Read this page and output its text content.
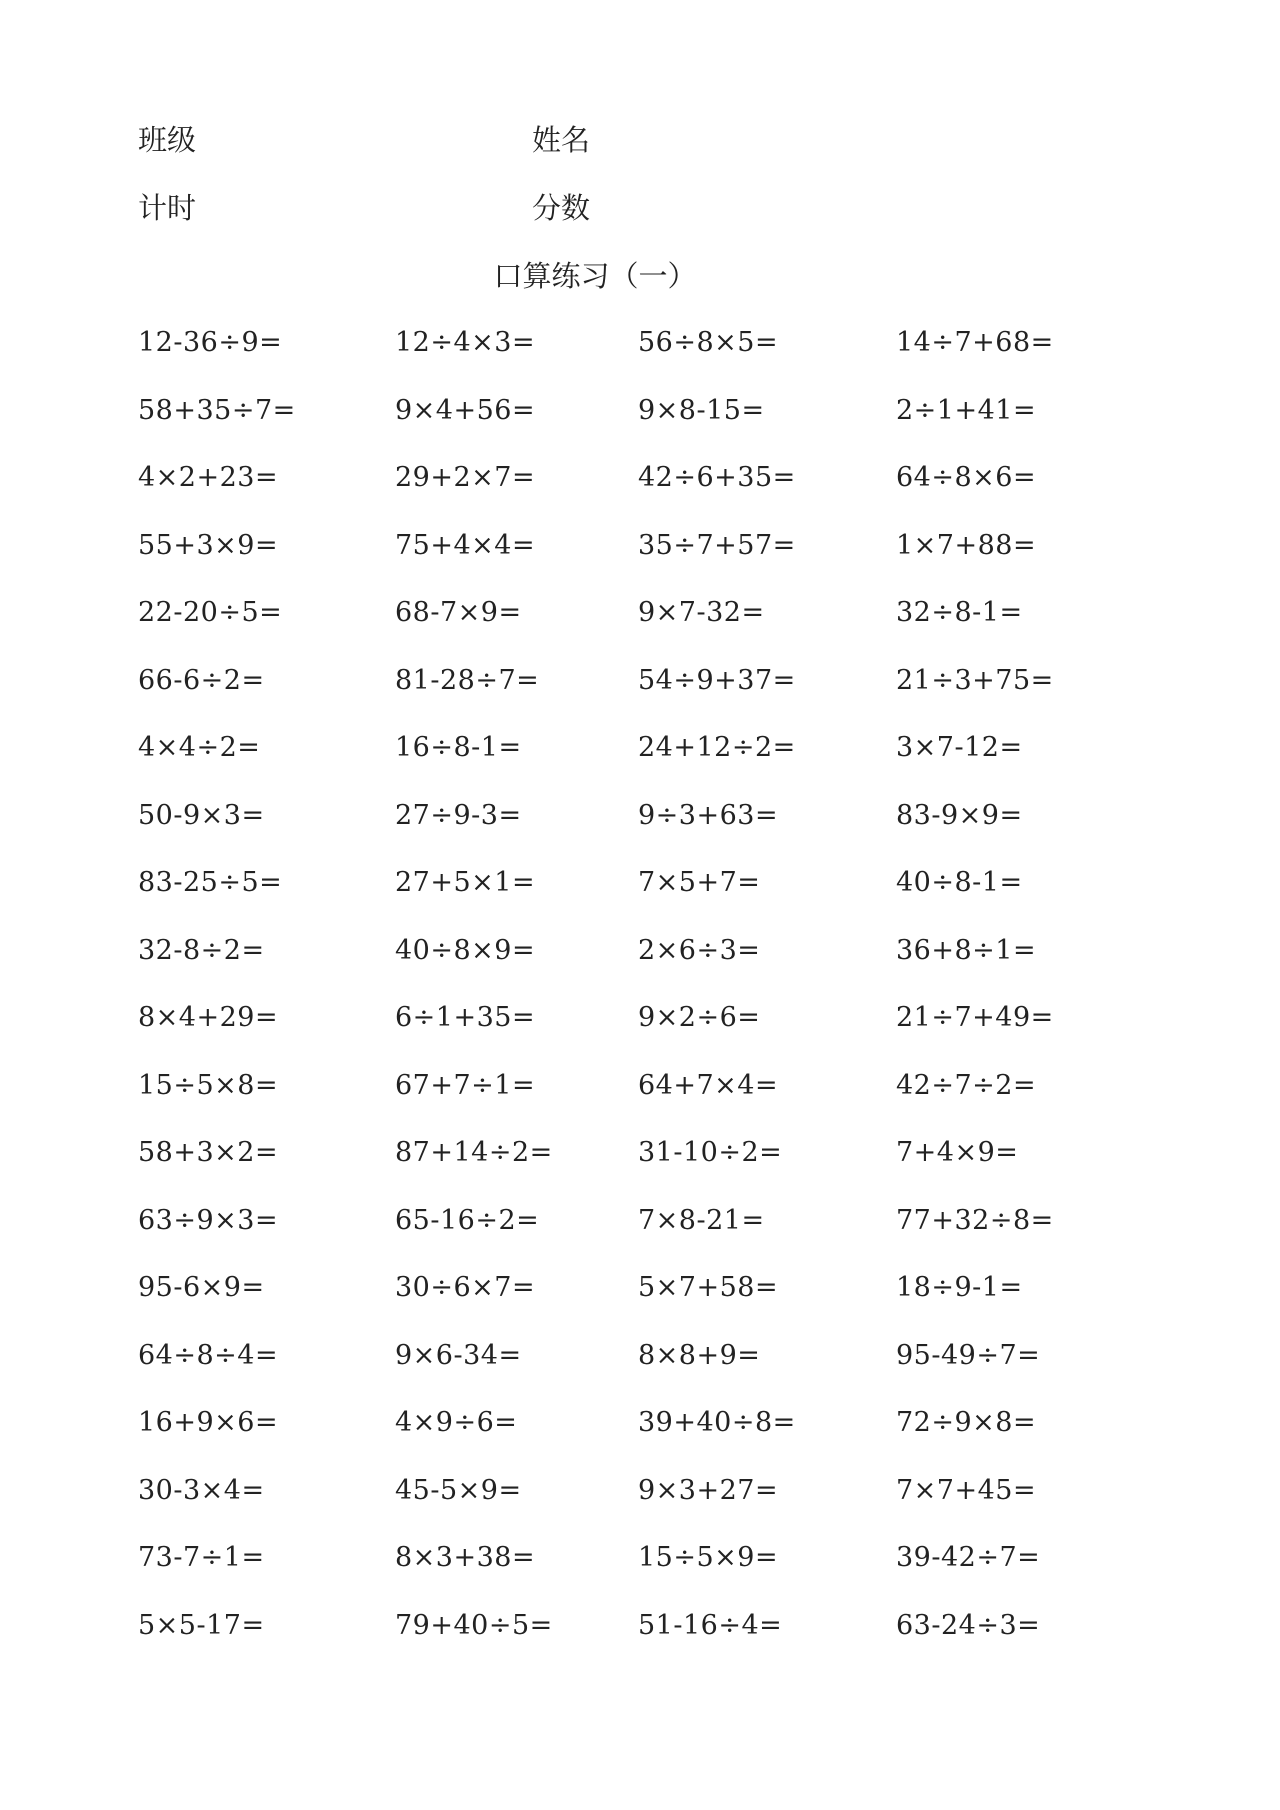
班级	姓名
计时	分数
口算练习（一）
12-36÷9=	12÷4×3=	56÷8×5=	14÷7+68=
58+35÷7=	9×4+56=	9×8-15=	2÷1+41=
4×2+23=	29+2×7=	42÷6+35=	64÷8×6=
55+3×9=	75+4×4=	35÷7+57=	1×7+88=
22-20÷5=	68-7×9=	9×7-32=	32÷8-1=
66-6÷2=	81-28÷7=	54÷9+37=	21÷3+75=
4×4÷2=	16÷8-1=	24+12÷2=	3×7-12=
50-9×3=	27÷9-3=	9÷3+63=	83-9×9=
83-25÷5=	27+5×1=	7×5+7=	40÷8-1=
32-8÷2=	40÷8×9=	2×6÷3=	36+8÷1=
8×4+29=	6÷1+35=	9×2÷6=	21÷7+49=
15÷5×8=	67+7÷1=	64+7×4=	42÷7÷2=
58+3×2=	87+14÷2=	31-10÷2=	7+4×9=
63÷9×3=	65-16÷2=	7×8-21=	77+32÷8=
95-6×9=	30÷6×7=	5×7+58=	18÷9-1=
64÷8÷4=	9×6-34=	8×8+9=	95-49÷7=
16+9×6=	4×9÷6=	39+40÷8=	72÷9×8=
30-3×4=	45-5×9=	9×3+27=	7×7+45=
73-7÷1=	8×3+38=	15÷5×9=	39-42÷7=
5×5-17=	79+40÷5=	51-16÷4=	63-24÷3=
